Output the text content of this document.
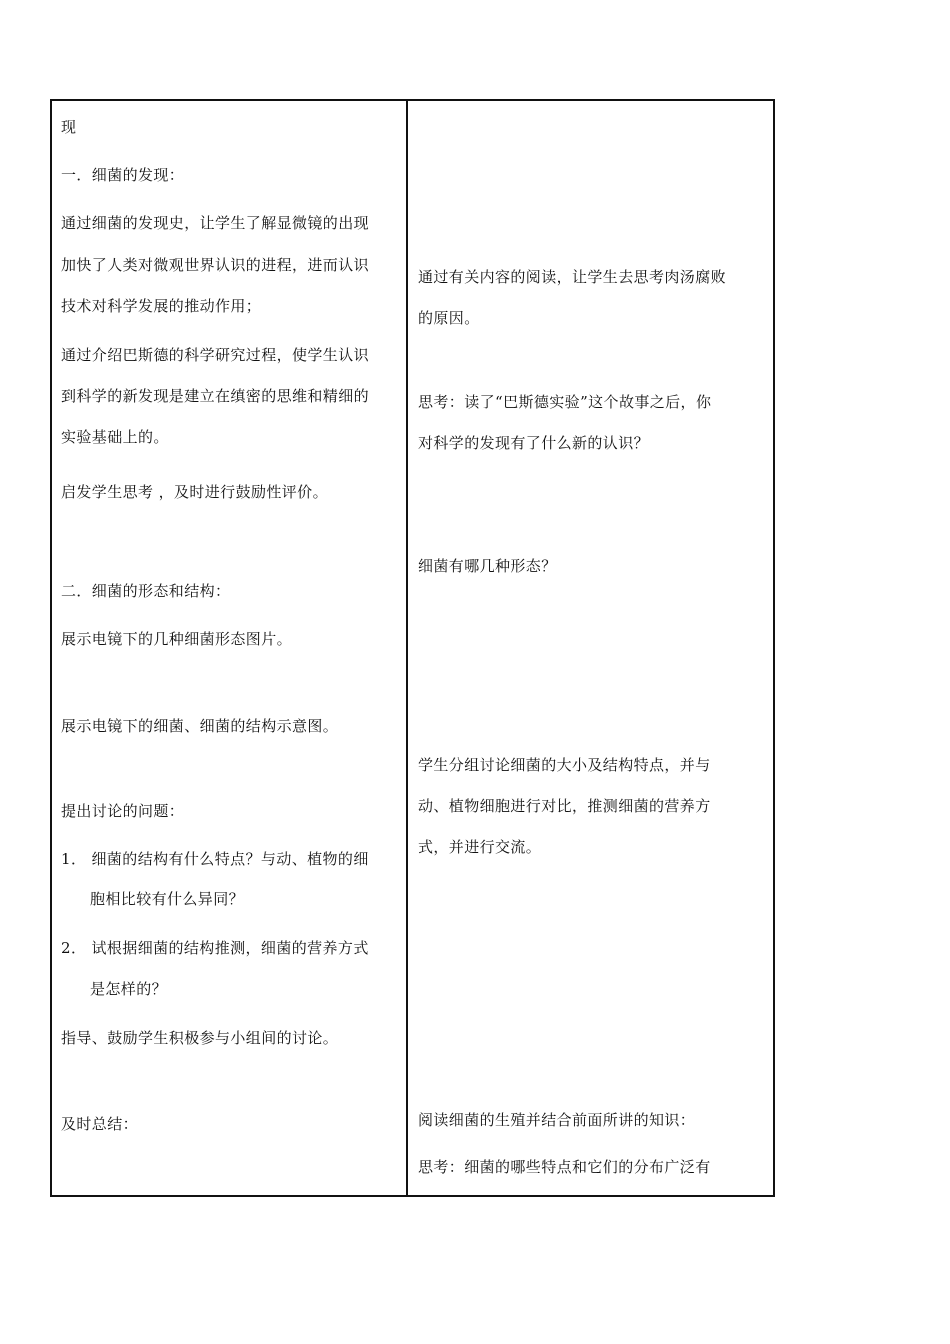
现
一．细菌的发现：
通过细菌的发现史，让学生了解显微镜的出现
加快了人类对微观世界认识的进程，进而认识
技术对科学发展的推动作用；
通过介绍巴斯德的科学研究过程，使学生认识
到科学的新发现是建立在缜密的思维和精细的
实验基础上的。
启发学生思考 ，及时进行鼓励性评价。
二．细菌的形态和结构：
展示电镜下的几种细菌形态图片。
展示电镜下的细菌、细菌的结构示意图。
提出讨论的问题：
1． 细菌的结构有什么特点？与动、植物的细
胞相比较有什么异同？
2． 试根据细菌的结构推测，细菌的营养方式
是怎样的？
指导、鼓励学生积极参与小组间的讨论。
及时总结：
通过有关内容的阅读，让学生去思考肉汤腐败
的原因。
思考：读了“巴斯德实验”这个故事之后，你
对科学的发现有了什么新的认识？
细菌有哪几种形态？
学生分组讨论细菌的大小及结构特点，并与
动、植物细胞进行对比，推测细菌的营养方
式，并进行交流。
阅读细菌的生殖并结合前面所讲的知识：
思考：细菌的哪些特点和它们的分布广泛有
